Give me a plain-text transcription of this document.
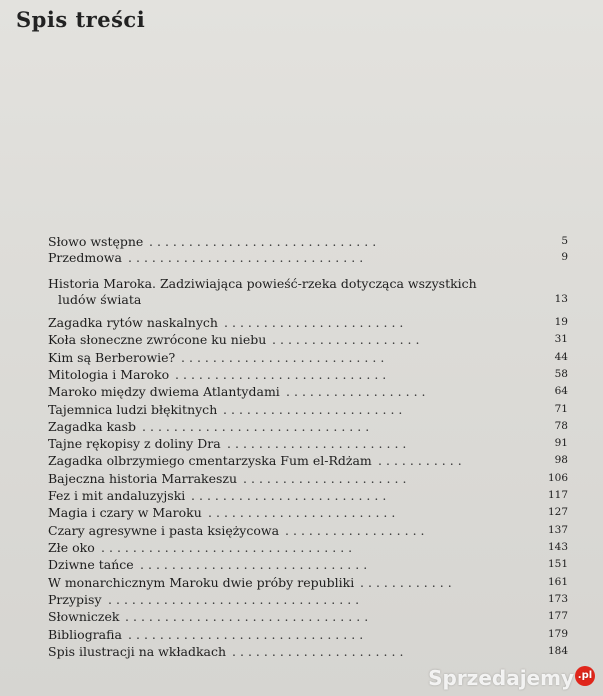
Spis treści
Słowo wstępne .............................	5
Przedmowa ..............................	9
Historia Maroka. Zadziwiająca powieść-rzeka dotycząca wszystkich
ludów świata	13
Zagadka rytów naskalnych .......................	19
Koła słoneczne zwrócone ku niebu ...................	31
Kim są Berberowie? ..........................	44
Mitologia i Maroko ...........................	58
Maroko między dwiema Atlantydami ..................	64
Tajemnica ludzi błękitnych .......................	71
Zagadka kasb .............................	78
Tajne rękopisy z doliny Dra .......................	91
Zagadka olbrzymiego cmentarzyska Fum el-Rdżam ...........	98
Bajeczna historia Marrakeszu .....................	106
Fez i mit andaluzyjski .........................	117
Magia i czary w Maroku ........................	127
Czary agresywne i pasta księżycowa ..................	137
Złe oko ................................	143
Dziwne tańce .............................	151
W monarchicznym Maroku dwie próby republiki ............	161
Przypisy ................................	173
Słowniczek ...............................	177
Bibliografia ..............................	179
Spis ilustracji na wkładkach ......................	184
Sprzedajemy .pl
